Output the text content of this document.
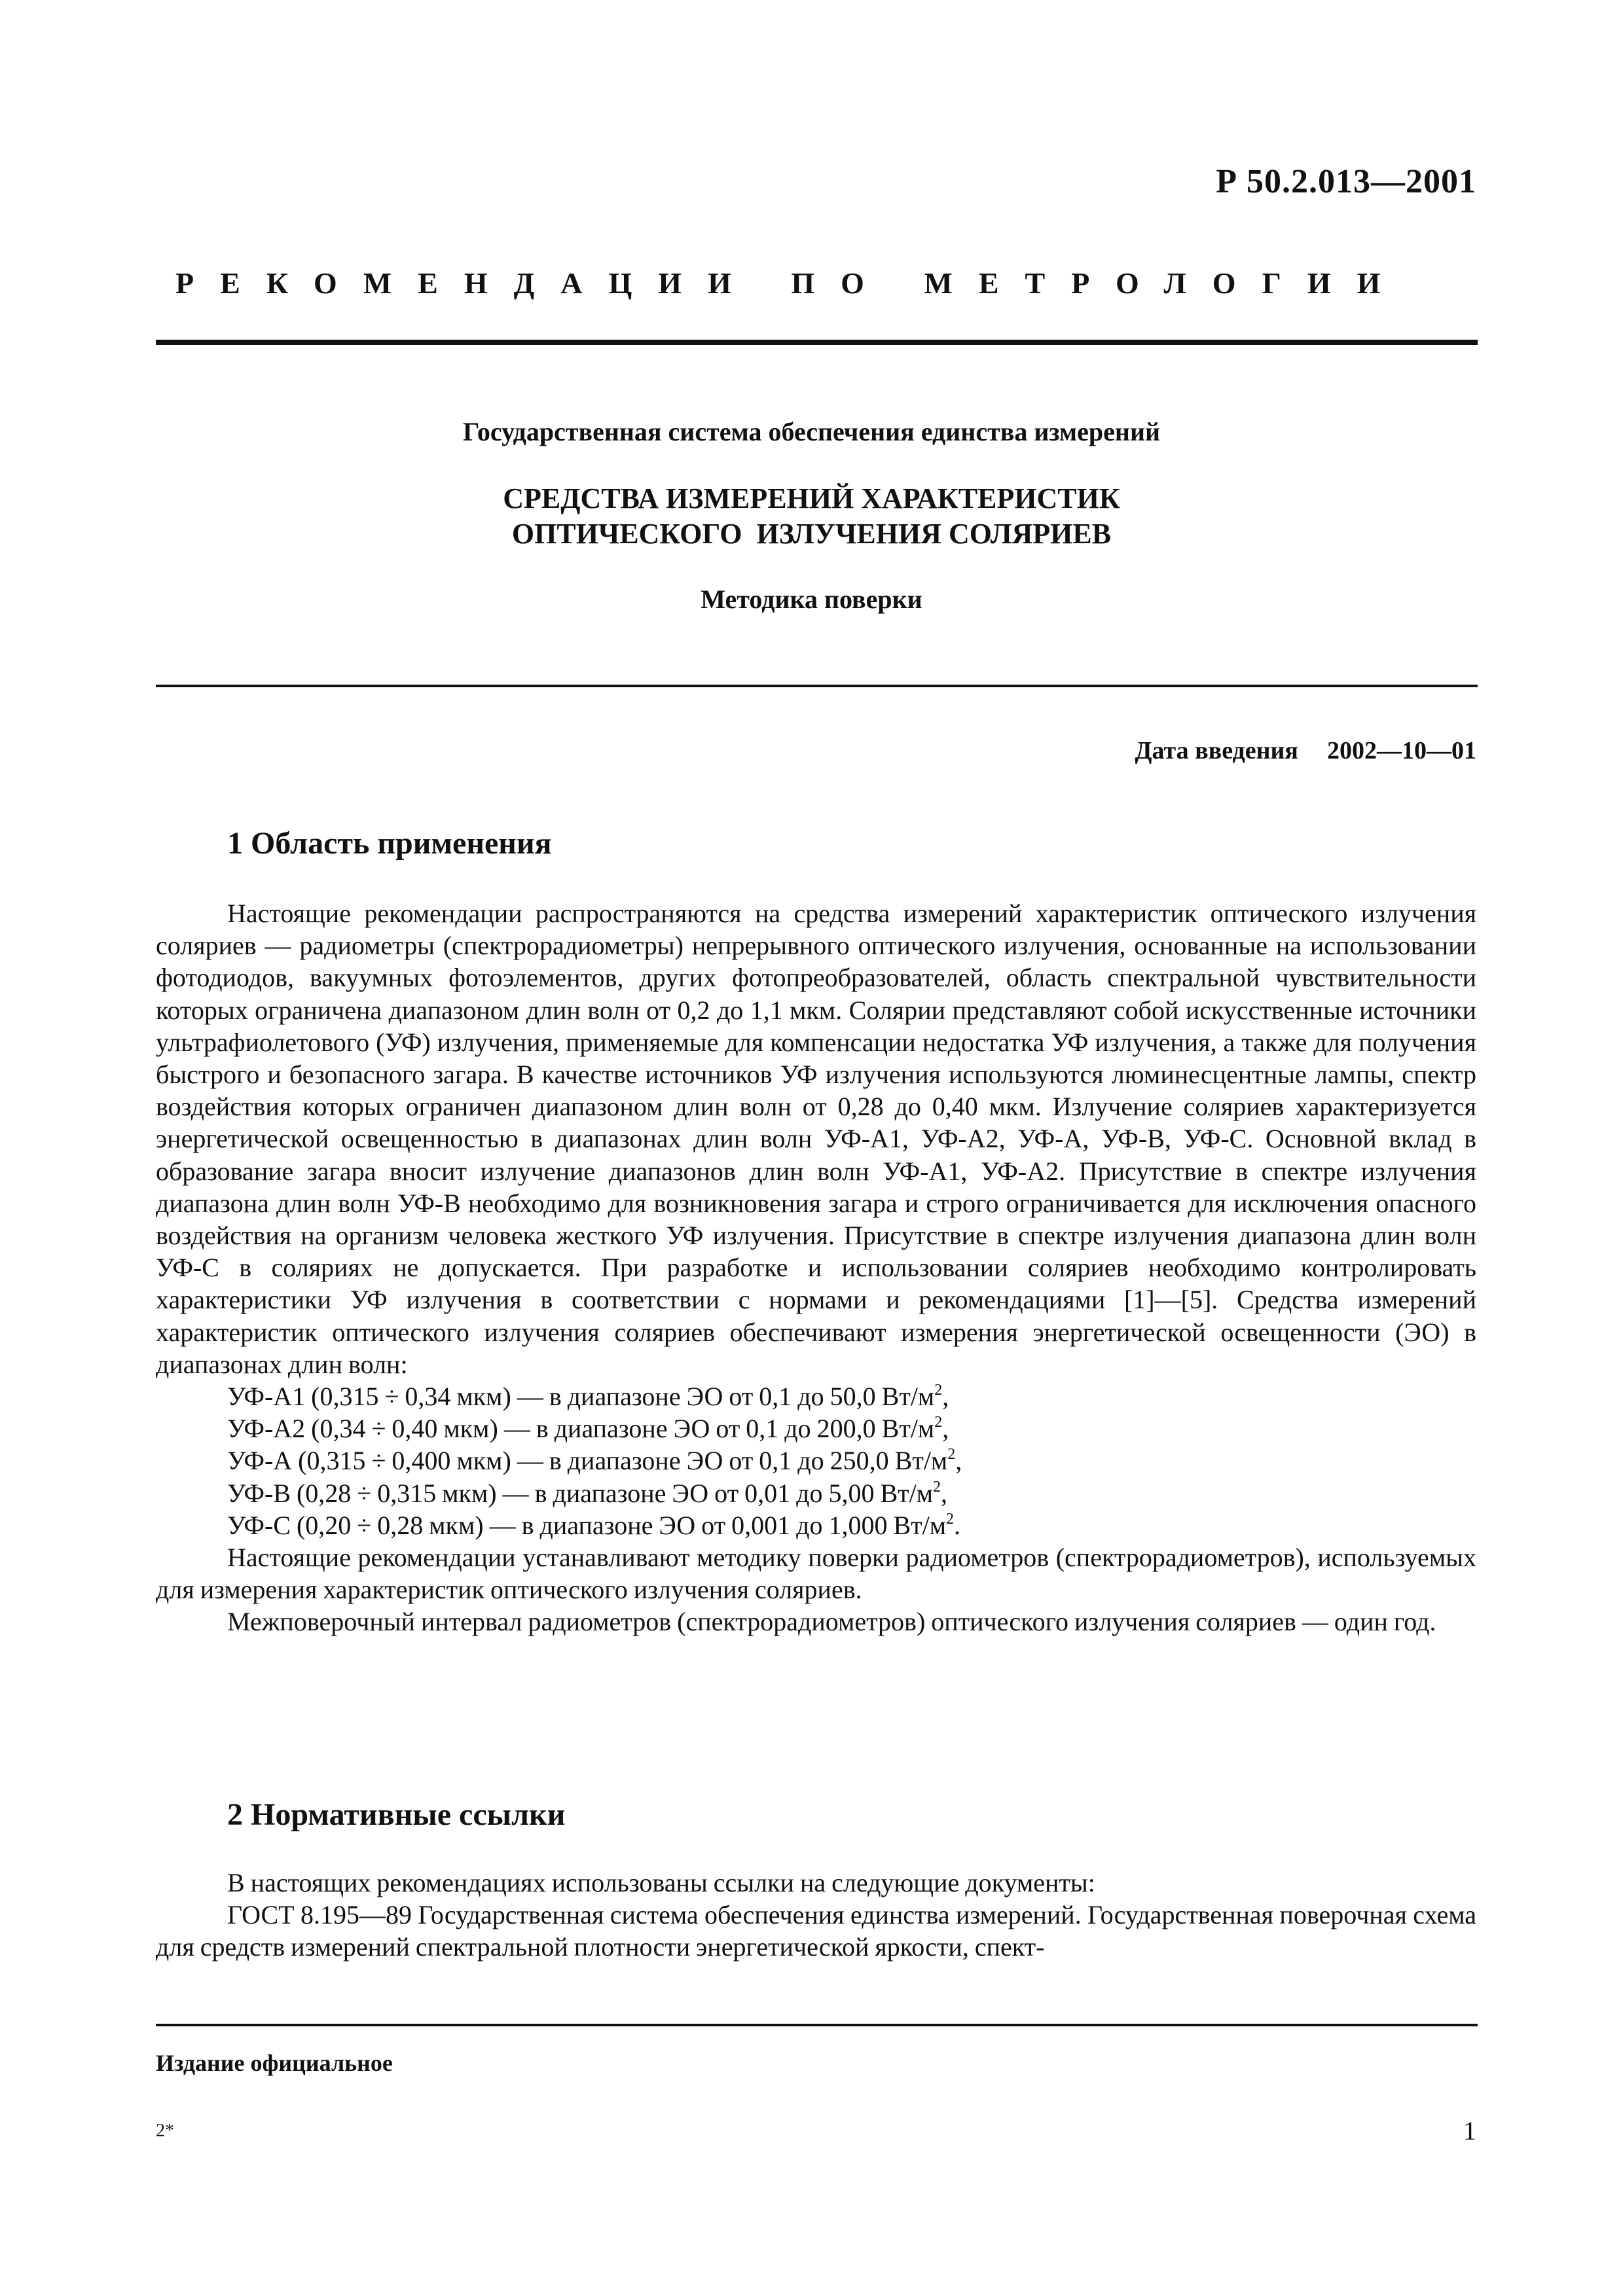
Р 50.2.013—2001
РЕКОМЕНДАЦИИ ПО МЕТРОЛОГИИ
Государственная система обеспечения единства измерений
СРЕДСТВА ИЗМЕРЕНИЙ ХАРАКТЕРИСТИК
ОПТИЧЕСКОГО  ИЗЛУЧЕНИЯ СОЛЯРИЕВ
Методика поверки
Дата введения 2002—10—01
1 Область применения

Настоящие рекомендации распространяются на средства измерений характеристик оптического излучения соляриев — радиометры (спектрорадиометры) непрерывного оптического излучения, основанные на использовании фотодиодов, вакуумных фотоэлементов, других фотопреобразователей, область спектральной чувствительности которых ограничена диапазоном длин волн от 0,2 до 1,1 мкм. Солярии представляют собой искусственные источники ультрафиолетового (УФ) излучения, применяемые для компенсации недостатка УФ излучения, а также для получения быстрого и безопасного загара. В качестве источников УФ излучения используются люминесцентные лампы, спектр воздействия которых ограничен диапазоном длин волн от 0,28 до 0,40 мкм. Излучение соляриев характеризуется энергетической освещенностью в диапазонах длин волн УФ-А1, УФ-А2, УФ-А, УФ-В, УФ-С. Основной вклад в образование загара вносит излучение диапазонов длин волн УФ-А1, УФ-А2. Присутствие в спектре излучения диапазона длин волн УФ-В необходимо для возникновения загара и строго ограничивается для исключения опасного воздействия на организм человека жесткого УФ излучения. Присутствие в спектре излучения диапазона длин волн УФ-С в соляриях не допускается. При разработке и использовании соляриев необходимо контролировать характеристики УФ излучения в соответствии с нормами и рекомендациями [1]—[5]. Средства измерений характеристик оптического излучения соляриев обеспечивают измерения энергетической освещенности (ЭО) в диапазонах длин волн:

УФ-А1 (0,315 ÷ 0,34 мкм) — в диапазоне ЭО от 0,1 до 50,0 $Вт/м^2$,
УФ-А2 (0,34 ÷ 0,40 мкм) — в диапазоне ЭО от 0,1 до 200,0 $Вт/м^2$,
УФ-А (0,315 ÷ 0,400 мкм) — в диапазоне ЭО от 0,1 до 250,0 $Вт/м^2$,
УФ-В (0,28 ÷ 0,315 мкм) — в диапазоне ЭО от 0,01 до 5,00 $Вт/м^2$,
УФ-С (0,20 ÷ 0,28 мкм) — в диапазоне ЭО от 0,001 до 1,000 $Вт/м^2$.

Настоящие рекомендации устанавливают методику поверки радиометров (спектрорадиометров), используемых для измерения характеристик оптического излучения соляриев.

Межповерочный интервал радиометров (спектрорадиометров) оптического излучения соляриев — один год.

2 Нормативные ссылки

В настоящих рекомендациях использованы ссылки на следующие документы:

ГОСТ 8.195—89 Государственная система обеспечения единства измерений. Государственная поверочная схема для средств измерений спектральной плотности энергетической яркости, спект-

Издание официальное
2*	1
